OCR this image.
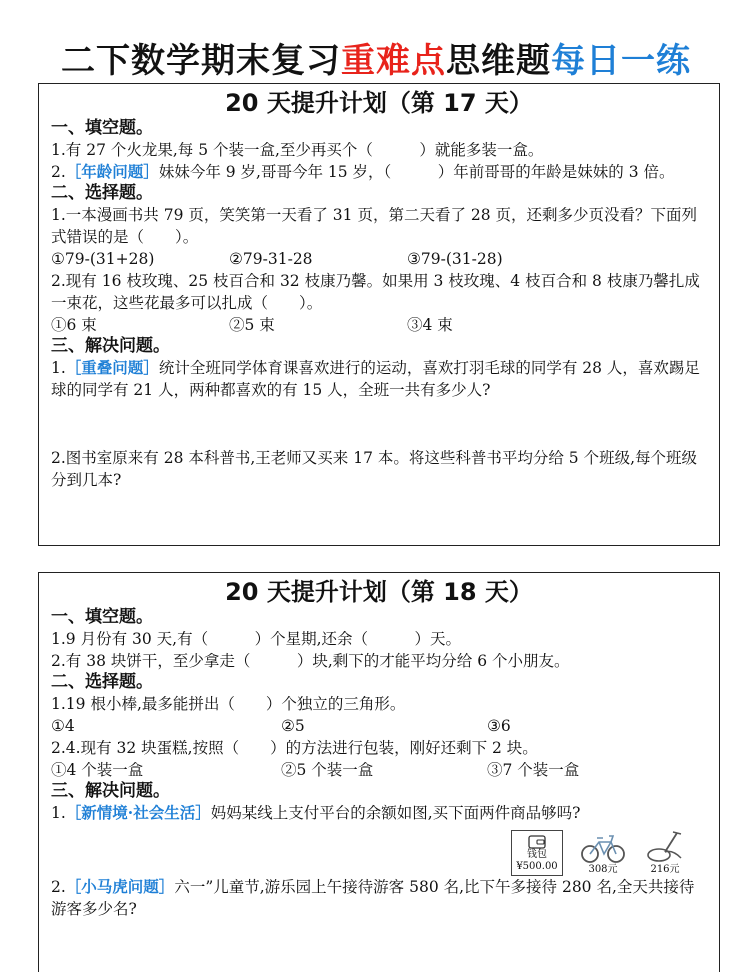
二下数学期末复习重难点思维题每日一练
20 天提升计划（第 17 天）
一、填空题。
1.有 27 个火龙果,每 5 个装一盒,至少再买个（　　　）就能多装一盒。
2.［年龄问题］妹妹今年 9 岁,哥哥今年 15 岁，（　　　）年前哥哥的年龄是妹妹的 3 倍。
二、选择题。
1.一本漫画书共 79 页，笑笑第一天看了 31 页，第二天看了 28 页，还剩多少页没看？下面列式错误的是（　　）。
①79-(31+28)	②79-31-28	③79-(31-28)
2.现有 16 枝玫瑰、25 枝百合和 32 枝康乃馨。如果用 3 枝玫瑰、4 枝百合和 8 枝康乃馨扎成一束花，这些花最多可以扎成（　　）。
①6 束	②5 束	③4 束
三、解决问题。
1.［重叠问题］统计全班同学体育课喜欢进行的运动，喜欢打羽毛球的同学有 28 人，喜欢踢足球的同学有 21 人，两种都喜欢的有 15 人，全班一共有多少人?
2.图书室原来有 28 本科普书,王老师又买来 17 本。将这些科普书平均分给 5 个班级,每个班级分到几本?
20 天提升计划（第 18 天）
一、填空题。
1.9 月份有 30 天,有（　　　）个星期,还余（　　　）天。
2.有 38 块饼干，至少拿走（　　　）块,剩下的才能平均分给 6 个小朋友。
二、选择题。
1.19 根小棒,最多能拼出（　　）个独立的三角形。
①4	②5	③6
2.4.现有 32 块蛋糕,按照（　　）的方法进行包装，刚好还剩下 2 块。
①4 个装一盒	②5 个装一盒	③7 个装一盒
三、解决问题。
1.［新情境·社会生活］妈妈某线上支付平台的余额如图,买下面两件商品够吗?
钱包
¥500.00	308元	216元
2.［小马虎问题］六一”儿童节,游乐园上午接待游客 580 名,比下午多接待 280 名,全天共接待游客多少名?
